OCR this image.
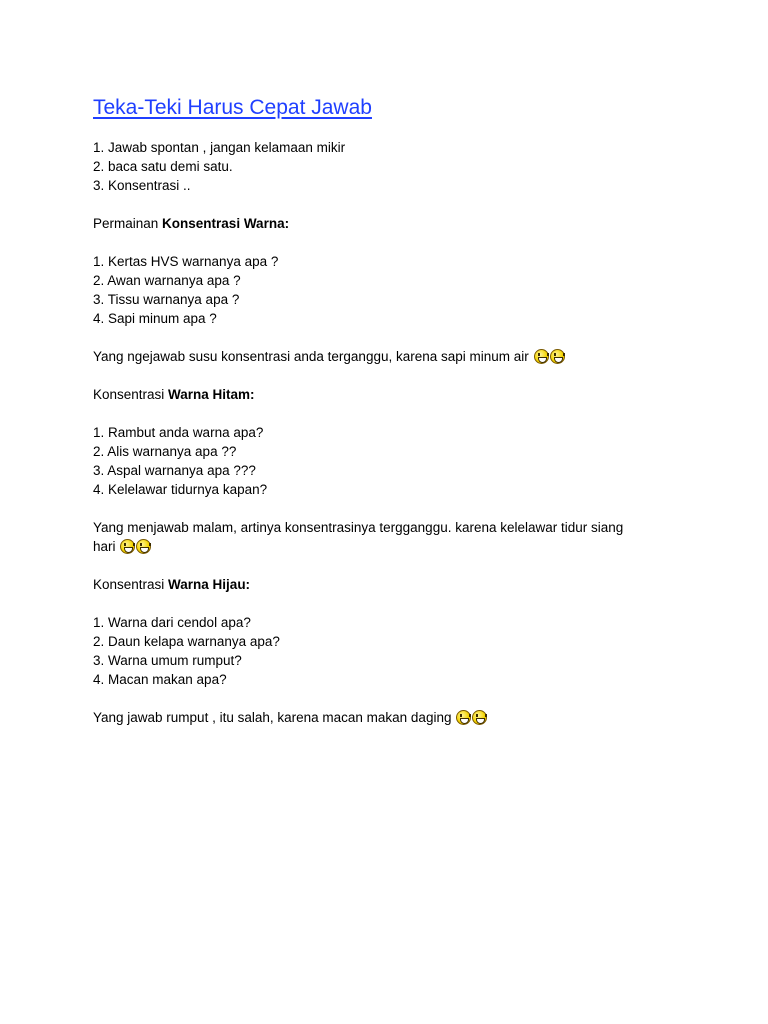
Teka-Teki Harus Cepat Jawab
1. Jawab spontan , jangan kelamaan mikir
2. baca satu demi satu.
3. Konsentrasi ..
Permainan Konsentrasi Warna:
1. Kertas HVS warnanya apa ?
2. Awan warnanya apa ?
3. Tissu warnanya apa ?
4. Sapi minum apa ?
Yang ngejawab susu konsentrasi anda terganggu, karena sapi minum air
Konsentrasi Warna Hitam:
1. Rambut anda warna apa?
2. Alis warnanya apa ??
3. Aspal warnanya apa ???
4. Kelelawar tidurnya kapan?
Yang menjawab malam, artinya konsentrasinya tergganggu. karena kelelawar tidur siang
hari
Konsentrasi Warna Hijau:
1. Warna dari cendol apa?
2. Daun kelapa warnanya apa?
3. Warna umum rumput?
4. Macan makan apa?
Yang jawab rumput , itu salah, karena macan makan daging
